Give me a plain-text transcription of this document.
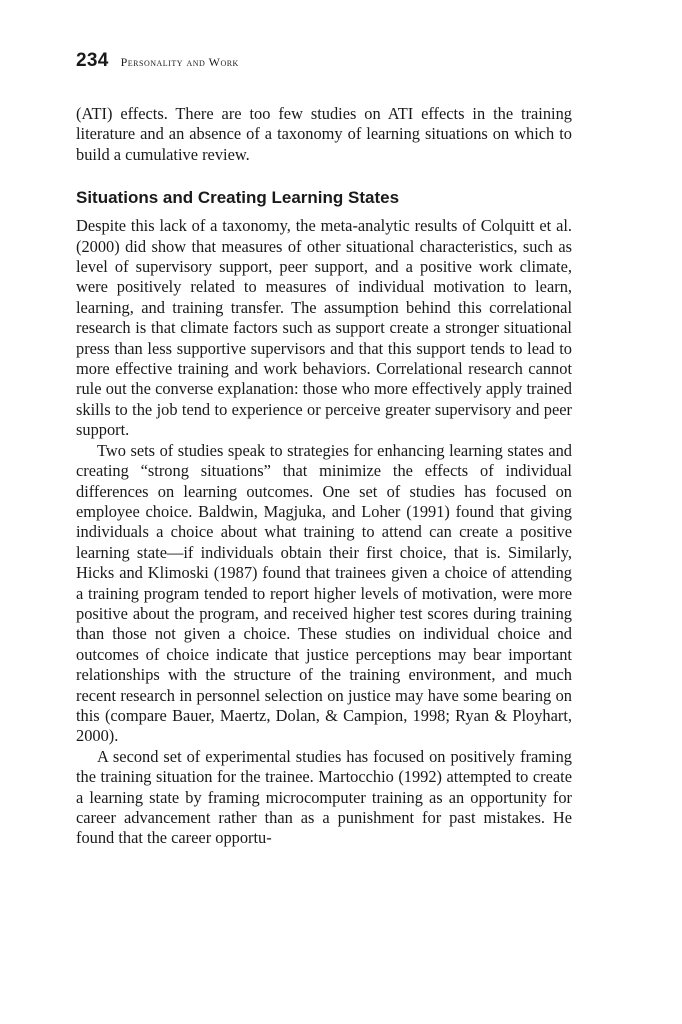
234 Personality and Work

(ATI) effects. There are too few studies on ATI effects in the training literature and an absence of a taxonomy of learning situations on which to build a cumulative review.

Situations and Creating Learning States

Despite this lack of a taxonomy, the meta-analytic results of Colquitt et al. (2000) did show that measures of other situational characteristics, such as level of supervisory support, peer support, and a positive work climate, were positively related to measures of individual motivation to learn, learning, and training transfer. The assumption behind this correlational research is that climate factors such as support create a stronger situational press than less supportive supervisors and that this support tends to lead to more effective training and work behaviors. Correlational research cannot rule out the converse explanation: those who more effectively apply trained skills to the job tend to experience or perceive greater supervisory and peer support.

Two sets of studies speak to strategies for enhancing learning states and creating “strong situations” that minimize the effects of individual differences on learning outcomes. One set of studies has focused on employee choice. Baldwin, Magjuka, and Loher (1991) found that giving individuals a choice about what training to attend can create a positive learning state—if individuals obtain their first choice, that is. Similarly, Hicks and Klimoski (1987) found that trainees given a choice of attending a training program tended to report higher levels of motivation, were more positive about the program, and received higher test scores during training than those not given a choice. These studies on individual choice and outcomes of choice indicate that justice perceptions may bear important relationships with the structure of the training environment, and much recent research in personnel selection on justice may have some bearing on this (compare Bauer, Maertz, Dolan, & Campion, 1998; Ryan & Ployhart, 2000).

A second set of experimental studies has focused on positively framing the training situation for the trainee. Martocchio (1992) attempted to create a learning state by framing microcomputer training as an opportunity for career advancement rather than as a punishment for past mistakes. He found that the career opportu-
